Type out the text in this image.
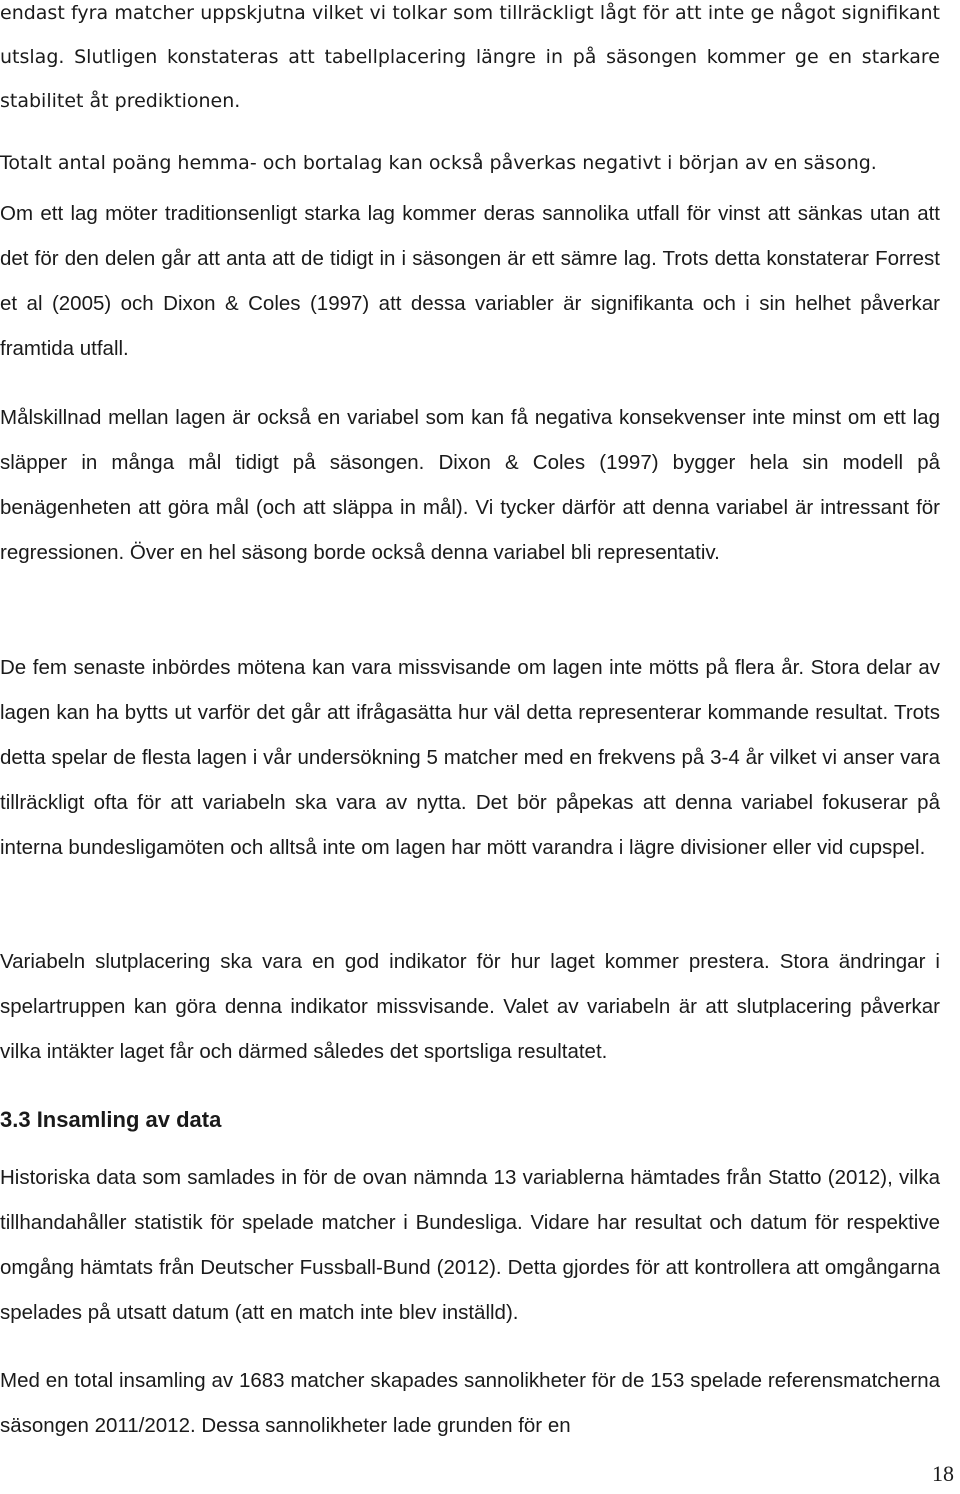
endast fyra matcher uppskjutna vilket vi tolkar som tillräckligt lågt för att inte ge något signifikant utslag. Slutligen konstateras att tabellplacering längre in på säsongen kommer ge en starkare stabilitet åt prediktionen.
Totalt antal poäng hemma- och bortalag kan också påverkas negativt i början av en säsong.

Om ett lag möter traditionsenligt starka lag kommer deras sannolika utfall för vinst att sänkas utan att det för den delen går att anta att de tidigt in i säsongen är ett sämre lag. Trots detta konstaterar Forrest et al (2005) och Dixon & Coles (1997) att dessa variabler är signifikanta och i sin helhet påverkar framtida utfall.

Målskillnad mellan lagen är också en variabel som kan få negativa konsekvenser inte minst om ett lag släpper in många mål tidigt på säsongen. Dixon & Coles (1997) bygger hela sin modell på benägenheten att göra mål (och att släppa in mål). Vi tycker därför att denna variabel är intressant för regressionen. Över en hel säsong borde också denna variabel bli representativ.

De fem senaste inbördes mötena kan vara missvisande om lagen inte mötts på flera år. Stora delar av lagen kan ha bytts ut varför det går att ifrågasätta hur väl detta representerar kommande resultat. Trots detta spelar de flesta lagen i vår undersökning 5 matcher med en frekvens på 3-4 år vilket vi anser vara tillräckligt ofta för att variabeln ska vara av nytta. Det bör påpekas att denna variabel fokuserar på interna bundesligamöten och alltså inte om lagen har mött varandra i lägre divisioner eller vid cupspel.

Variabeln slutplacering ska vara en god indikator för hur laget kommer prestera. Stora ändringar i spelartruppen kan göra denna indikator missvisande. Valet av variabeln är att slutplacering påverkar vilka intäkter laget får och därmed således det sportsliga resultatet.

3.3 Insamling av data

Historiska data som samlades in för de ovan nämnda 13 variablerna hämtades från Statto (2012), vilka tillhandahåller statistik för spelade matcher i Bundesliga. Vidare har resultat och datum för respektive omgång hämtats från Deutscher Fussball-Bund (2012). Detta gjordes för att kontrollera att omgångarna spelades på utsatt datum (att en match inte blev inställd).

Med en total insamling av 1683 matcher skapades sannolikheter för de 153 spelade referensmatcherna säsongen 2011/2012. Dessa sannolikheter lade grunden för en

18
